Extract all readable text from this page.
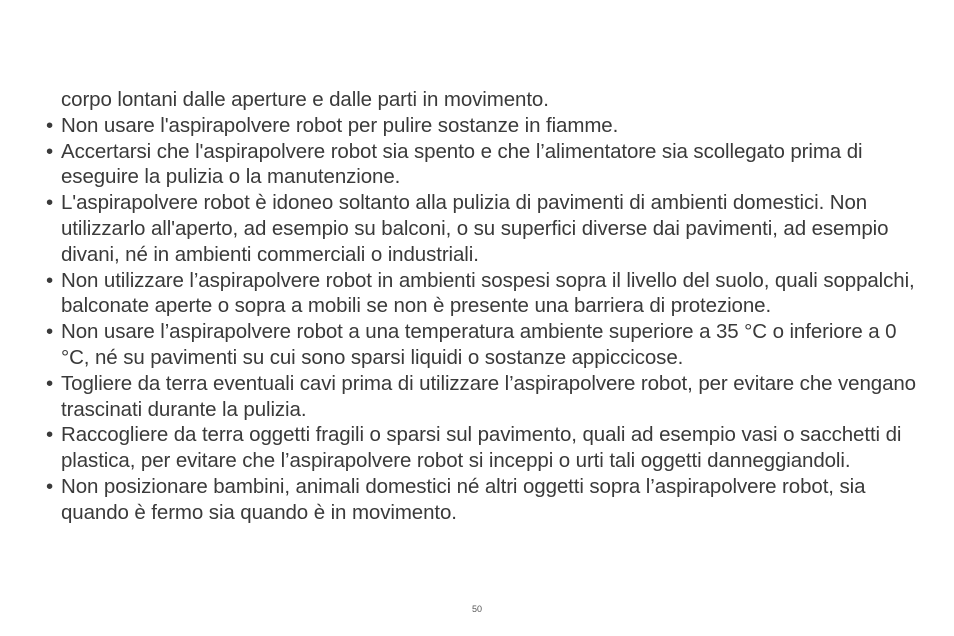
corpo lontani dalle aperture e dalle parti in movimento.

• Non usare l'aspirapolvere robot per pulire sostanze in fiamme.
• Accertarsi che l'aspirapolvere robot sia spento e che l’alimentatore sia scollegato prima di eseguire la pulizia o la manutenzione.
• L'aspirapolvere robot è idoneo soltanto alla pulizia di pavimenti di ambienti domestici. Non utilizzarlo all'aperto, ad esempio su balconi, o su superfici diverse dai pavimenti, ad esempio divani, né in ambienti commerciali o industriali.
• Non utilizzare l’aspirapolvere robot in ambienti sospesi sopra il livello del suolo, quali soppalchi, balconate aperte o sopra a mobili se non è presente una barriera di protezione.
• Non usare l’aspirapolvere robot a una temperatura ambiente superiore a 35 °C o inferiore a 0 °C, né su pavimenti su cui sono sparsi liquidi o sostanze appiccicose.
• Togliere da terra eventuali cavi prima di utilizzare l’aspirapolvere robot, per evitare che vengano trascinati durante la pulizia.
• Raccogliere da terra oggetti fragili o sparsi sul pavimento, quali ad esempio vasi o sacchetti di plastica, per evitare che l’aspirapolvere robot si inceppi o urti tali oggetti danneggiandoli.
• Non posizionare bambini, animali domestici né altri oggetti sopra l’aspirapolvere robot, sia quando è fermo sia quando è in movimento.
50
